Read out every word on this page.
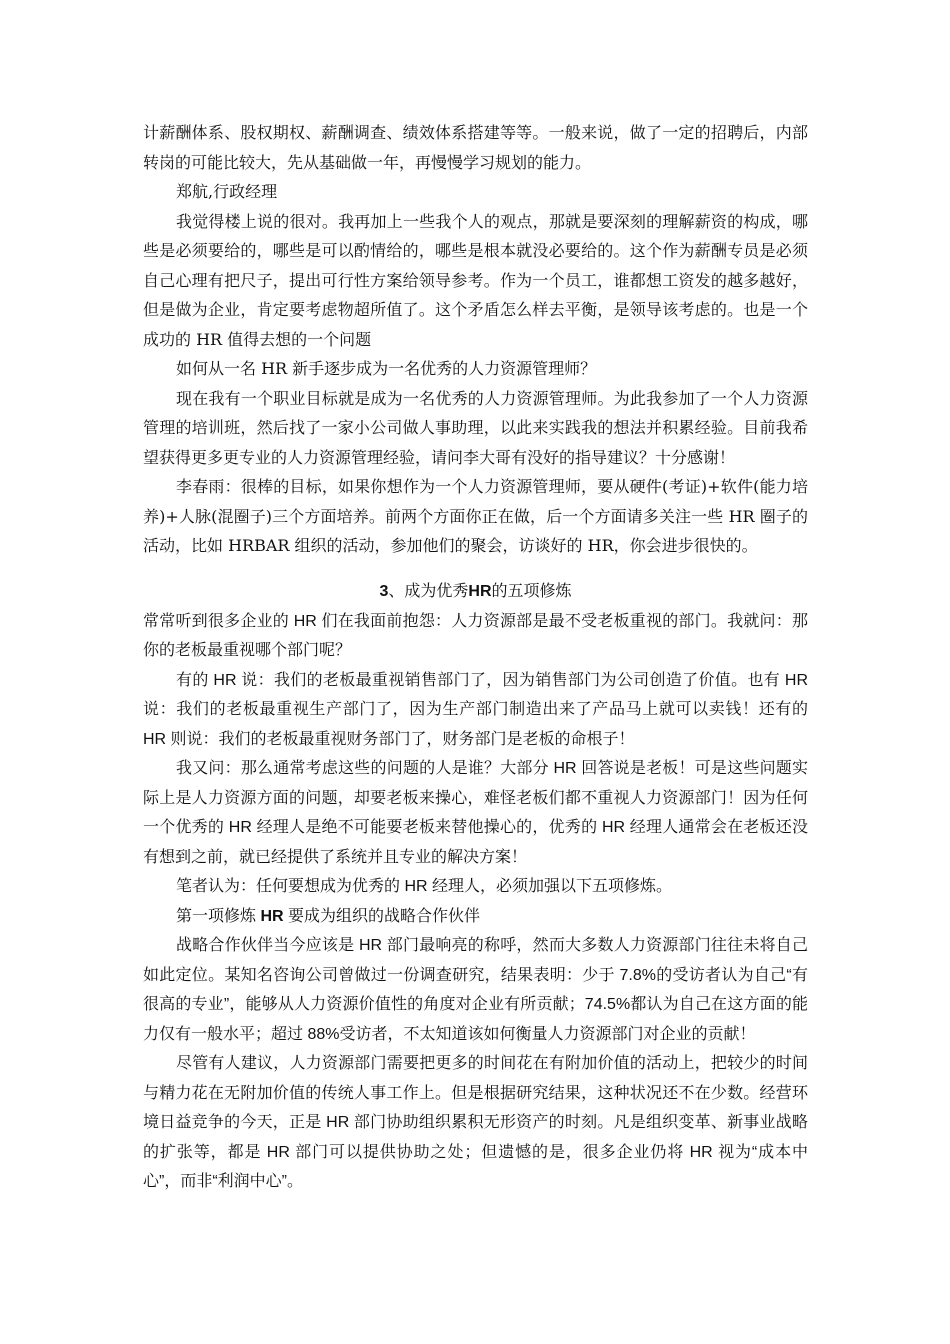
计薪酬体系、股权期权、薪酬调查、绩效体系搭建等等。一般来说，做了一定的招聘后，内部转岗的可能比较大，先从基础做一年，再慢慢学习规划的能力。

郑航,行政经理

我觉得楼上说的很对。我再加上一些我个人的观点，那就是要深刻的理解薪资的构成，哪些是必须要给的，哪些是可以酌情给的，哪些是根本就没必要给的。这个作为薪酬专员是必须自己心理有把尺子，提出可行性方案给领导参考。作为一个员工，谁都想工资发的越多越好，但是做为企业，肯定要考虑物超所值了。这个矛盾怎么样去平衡，是领导该考虑的。也是一个成功的 HR 值得去想的一个问题

如何从一名 HR 新手逐步成为一名优秀的人力资源管理师？

现在我有一个职业目标就是成为一名优秀的人力资源管理师。为此我参加了一个人力资源管理的培训班，然后找了一家小公司做人事助理，以此来实践我的想法并积累经验。目前我希望获得更多更专业的人力资源管理经验，请问李大哥有没好的指导建议？十分感谢！

李春雨：很棒的目标，如果你想作为一个人力资源管理师，要从硬件(考证)+软件(能力培养)+人脉(混圈子)三个方面培养。前两个方面你正在做，后一个方面请多关注一些 HR 圈子的活动，比如 HRBAR 组织的活动，参加他们的聚会，访谈好的 HR，你会进步很快的。

3、成为优秀HR的五项修炼

常常听到很多企业的 HR 们在我面前抱怨：人力资源部是最不受老板重视的部门。我就问：那你的老板最重视哪个部门呢？

有的 HR 说：我们的老板最重视销售部门了，因为销售部门为公司创造了价值。也有 HR 说：我们的老板最重视生产部门了，因为生产部门制造出来了产品马上就可以卖钱！还有的 HR 则说：我们的老板最重视财务部门了，财务部门是老板的命根子！

我又问：那么通常考虑这些的问题的人是谁？大部分 HR 回答说是老板！可是这些问题实际上是人力资源方面的问题，却要老板来操心，难怪老板们都不重视人力资源部门！因为任何一个优秀的 HR 经理人是绝不可能要老板来替他操心的，优秀的 HR 经理人通常会在老板还没有想到之前，就已经提供了系统并且专业的解决方案！

笔者认为：任何要想成为优秀的 HR 经理人，必须加强以下五项修炼。

第一项修炼 HR 要成为组织的战略合作伙伴

战略合作伙伴当今应该是 HR 部门最响亮的称呼，然而大多数人力资源部门往往未将自己如此定位。某知名咨询公司曾做过一份调查研究，结果表明：少于 7.8%的受访者认为自己“有很高的专业”，能够从人力资源价值性的角度对企业有所贡献；74.5%都认为自己在这方面的能力仅有一般水平；超过 88%受访者，不太知道该如何衡量人力资源部门对企业的贡献！

尽管有人建议，人力资源部门需要把更多的时间花在有附加价值的活动上，把较少的时间与精力花在无附加价值的传统人事工作上。但是根据研究结果，这种状况还不在少数。经营环境日益竞争的今天，正是 HR 部门协助组织累积无形资产的时刻。凡是组织变革、新事业战略的扩张等，都是 HR 部门可以提供协助之处；但遗憾的是，很多企业仍将 HR 视为“成本中心”，而非“利润中心”。
